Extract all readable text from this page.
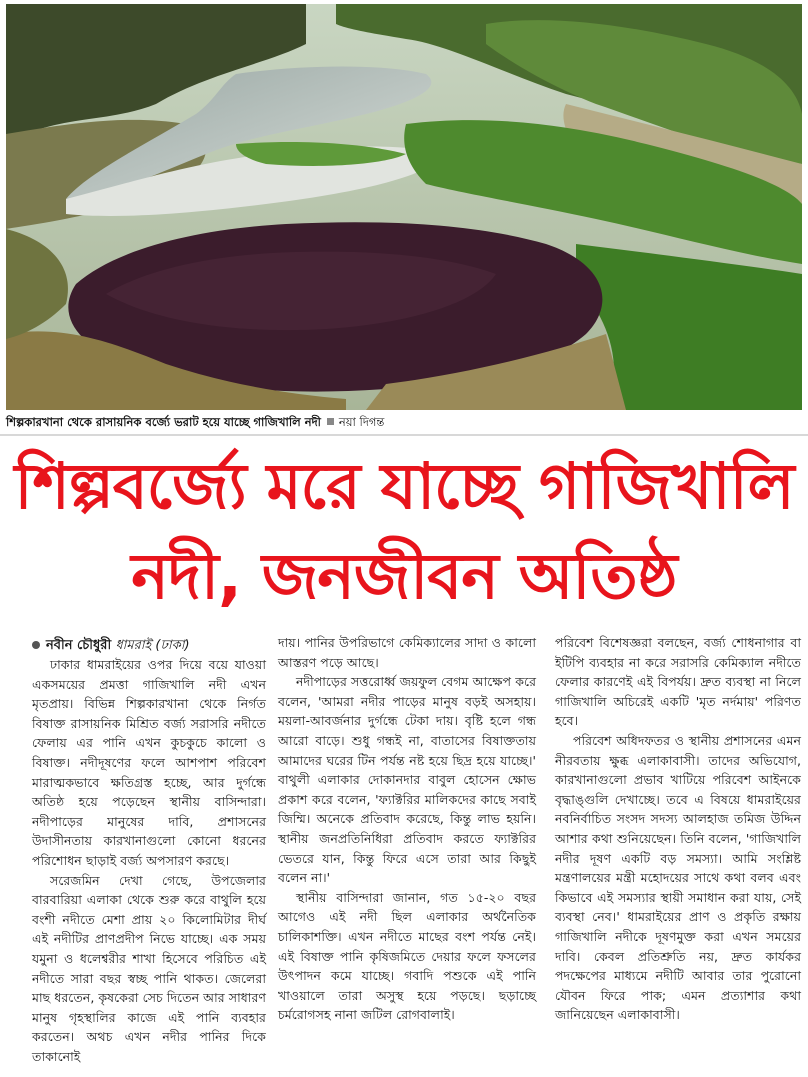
শিল্পকারখানা থেকে রাসায়নিক বর্জ্যে ভরাট হয়ে যাচ্ছে গাজিখালি নদী নয়া দিগন্ত
শিল্পবর্জ্যে মরে যাচ্ছে গাজিখালি
নদী, জনজীবন অতিষ্ঠ
নবীন চৌধুরী ধামরাই (ঢাকা)

ঢাকার ধামরাইয়ের ওপর দিয়ে বয়ে যাওয়া একসময়ের প্রমত্তা গাজিখালি নদী এখন মৃতপ্রায়। বিভিন্ন শিল্পকারখানা থেকে নির্গত বিষাক্ত রাসায়নিক মিশ্রিত বর্জ্য সরাসরি নদীতে ফেলায় এর পানি এখন কুচকুচে কালো ও বিষাক্ত। নদীদূষণের ফলে আশপাশ পরিবেশ মারাত্মকভাবে ক্ষতিগ্রস্ত হচ্ছে, আর দুর্গন্ধে অতিষ্ঠ হয়ে পড়েছেন স্থানীয় বাসিন্দারা। নদীপাড়ের মানুষের দাবি, প্রশাসনের উদাসীনতায় কারখানাগুলো কোনো ধরনের পরিশোধন ছাড়াই বর্জ্য অপসারণ করছে।

সরেজমিন দেখা গেছে, উপজেলার বারবারিয়া এলাকা থেকে শুরু করে বাথুলি হয়ে বংশী নদীতে মেশা প্রায় ২০ কিলোমিটার দীর্ঘ এই নদীটির প্রাণপ্রদীপ নিভে যাচ্ছে। এক সময় যমুনা ও ধলেশ্বরীর শাখা হিসেবে পরিচিত এই নদীতে সারা বছর স্বচ্ছ পানি থাকত। জেলেরা মাছ ধরতেন, কৃষকেরা সেচ দিতেন আর সাধারণ মানুষ গৃহস্থালির কাজে এই পানি ব্যবহার করতেন। অথচ এখন নদীর পানির দিকে তাকানোই

দায়। পানির উপরিভাগে কেমিক্যালের সাদা ও কালো আস্তরণ পড়ে আছে।

নদীপাড়ের সত্তরোর্ধ্ব জয়ফুল বেগম আক্ষেপ করে বলেন, 'আমরা নদীর পাড়ের মানুষ বড়ই অসহায়। ময়লা-আবর্জনার দুর্গন্ধে টেকা দায়। বৃষ্টি হলে গন্ধ আরো বাড়ে। শুধু গন্ধই না, বাতাসের বিষাক্ততায় আমাদের ঘরের টিন পর্যন্ত নষ্ট হয়ে ছিদ্র হয়ে যাচ্ছে।' বাথুলী এলাকার দোকানদার বাবুল হোসেন ক্ষোভ প্রকাশ করে বলেন, 'ফ্যাক্টরির মালিকদের কাছে সবাই জিম্মি। অনেকে প্রতিবাদ করেছে, কিন্তু লাভ হয়নি। স্থানীয় জনপ্রতিনিধিরা প্রতিবাদ করতে ফ্যাক্টরির ভেতরে যান, কিন্তু ফিরে এসে তারা আর কিছুই বলেন না।'

স্থানীয় বাসিন্দারা জানান, গত ১৫-২০ বছর আগেও এই নদী ছিল এলাকার অর্থনৈতিক চালিকাশক্তি। এখন নদীতে মাছের বংশ পর্যন্ত নেই। এই বিষাক্ত পানি কৃষিজমিতে দেয়ার ফলে ফসলের উৎপাদন কমে যাচ্ছে। গবাদি পশুকে এই পানি খাওয়ালে তারা অসুস্থ হয়ে পড়ছে। ছড়াচ্ছে চর্মরোগসহ নানা জটিল রোগবালাই।

পরিবেশ বিশেষজ্ঞরা বলছেন, বর্জ্য শোধনাগার বা ইটিপি ব্যবহার না করে সরাসরি কেমিক্যাল নদীতে ফেলার কারণেই এই বিপর্যয়। দ্রুত ব্যবস্থা না নিলে গাজিখালি অচিরেই একটি 'মৃত নর্দমায়' পরিণত হবে।

পরিবেশ অধিদফতর ও স্থানীয় প্রশাসনের এমন নীরবতায় ক্ষুব্ধ এলাকাবাসী। তাদের অভিযোগ, কারখানাগুলো প্রভাব খাটিয়ে পরিবেশ আইনকে বৃদ্ধাঙ্গুলি দেখাচ্ছে। তবে এ বিষয়ে ধামরাইয়ের নবনির্বাচিত সংসদ সদস্য আলহাজ তমিজ উদ্দিন আশার কথা শুনিয়েছেন। তিনি বলেন, 'গাজিখালি নদীর দূষণ একটি বড় সমস্যা। আমি সংশ্লিষ্ট মন্ত্রণালয়ের মন্ত্রী মহোদয়ের সাথে কথা বলব এবং কিভাবে এই সমস্যার স্থায়ী সমাধান করা যায়, সেই ব্যবস্থা নেব।' ধামরাইয়ের প্রাণ ও প্রকৃতি রক্ষায় গাজিখালি নদীকে দূষণমুক্ত করা এখন সময়ের দাবি। কেবল প্রতিশ্রুতি নয়, দ্রুত কার্যকর পদক্ষেপের মাধ্যমে নদীটি আবার তার পুরোনো যৌবন ফিরে পাক; এমন প্রত্যাশার কথা জানিয়েছেন এলাকাবাসী।
